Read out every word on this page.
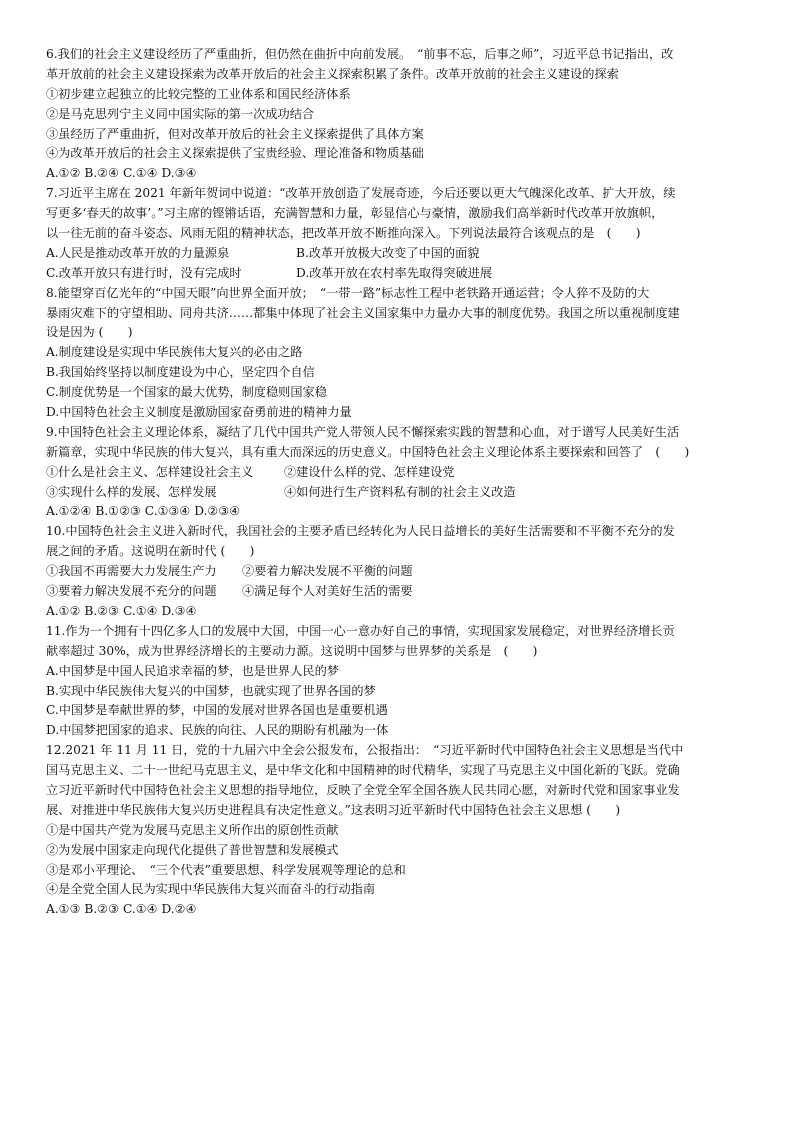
6.我们的社会主义建设经历了严重曲折，但仍然在曲折中向前发展。　“前事不忘，后事之师”，习近平总书记指出，改
革开放前的社会主义建设探索为改革开放后的社会主义探索积累了条件。改革开放前的社会主义建设的探索
①初步建立起独立的比较完整的工业体系和国民经济体系
②是马克思列宁主义同中国实际的第一次成功结合
③虽经历了严重曲折，但对改革开放后的社会主义探索提供了具体方案
④为改革开放后的社会主义探索提供了宝贵经验、理论准备和物质基础
A.①② B.②④ C.①④ D.③④
7.习近平主席在 2021 年新年贺词中说道：“改革开放创造了发展奇迹，今后还要以更大气魄深化改革、扩大开放，续
写更多‘春天的故事’。”习主席的铿锵话语，充满智慧和力量，彰显信心与豪情，激励我们高举新时代改革开放旗帜，
以一往无前的奋斗姿态、风雨无阻的精神状态，把改革开放不断推向深入。下列说法最符合该观点的是　(　　)
A.人民是推动改革开放的力量源泉	B.改革开放极大改变了中国的面貌
C.改革开放只有进行时，没有完成时	D.改革开放在农村率先取得突破进展
8.能望穿百亿光年的“中国天眼”向世界全面开放；　“一带一路”标志性工程中老铁路开通运营；令人猝不及防的大
暴雨灾难下的守望相助、同舟共济……都集中体现了社会主义国家集中力量办大事的制度优势。我国之所以重视制度建
设是因为 (　　)
A.制度建设是实现中华民族伟大复兴的必由之路
B.我国始终坚持以制度建设为中心，坚定四个自信
C.制度优势是一个国家的最大优势，制度稳则国家稳
D.中国特色社会主义制度是激励国家奋勇前进的精神力量
9.中国特色社会主义理论体系，凝结了几代中国共产党人带领人民不懈探索实践的智慧和心血，对于谱写人民美好生活
新篇章，实现中华民族的伟大复兴，具有重大而深远的历史意义。中国特色社会主义理论体系主要探索和回答了　(　　)
①什么是社会主义、怎样建设社会主义	②建设什么样的党、怎样建设党
③实现什么样的发展、怎样发展	④如何进行生产资料私有制的社会主义改造
A.①②④ B.①②③ C.①③④ D.②③④
10.中国特色社会主义进入新时代，我国社会的主要矛盾已经转化为人民日益增长的美好生活需要和不平衡不充分的发
展之间的矛盾。这说明在新时代 (　　)
①我国不再需要大力发展生产力	②要着力解决发展不平衡的问题
③要着力解决发展不充分的问题	④满足每个人对美好生活的需要
A.①② B.②③ C.①④ D.③④
11.作为一个拥有十四亿多人口的发展中大国，中国一心一意办好自己的事情，实现国家发展稳定，对世界经济增长贡
献率超过 30%，成为世界经济增长的主要动力源。这说明中国梦与世界梦的关系是　(　　)
A.中国梦是中国人民追求幸福的梦，也是世界人民的梦
B.实现中华民族伟大复兴的中国梦，也就实现了世界各国的梦
C.中国梦是奉献世界的梦，中国的发展对世界各国也是重要机遇
D.中国梦把国家的追求、民族的向往、人民的期盼有机融为一体
12.2021 年 11 月 11 日，党的十九届六中全会公报发布，公报指出：　“习近平新时代中国特色社会主义思想是当代中
国马克思主义、二十一世纪马克思主义，是中华文化和中国精神的时代精华，实现了马克思主义中国化新的飞跃。党确
立习近平新时代中国特色社会主义思想的指导地位，反映了全党全军全国各族人民共同心愿，对新时代党和国家事业发
展、对推进中华民族伟大复兴历史进程具有决定性意义。”这表明习近平新时代中国特色社会主义思想 (　　)
①是中国共产党为发展马克思主义所作出的原创性贡献
②为发展中国家走向现代化提供了普世智慧和发展模式
③是邓小平理论、　“三个代表”重要思想、科学发展观等理论的总和
④是全党全国人民为实现中华民族伟大复兴而奋斗的行动指南
A.①③ B.②③ C.①④ D.②④
